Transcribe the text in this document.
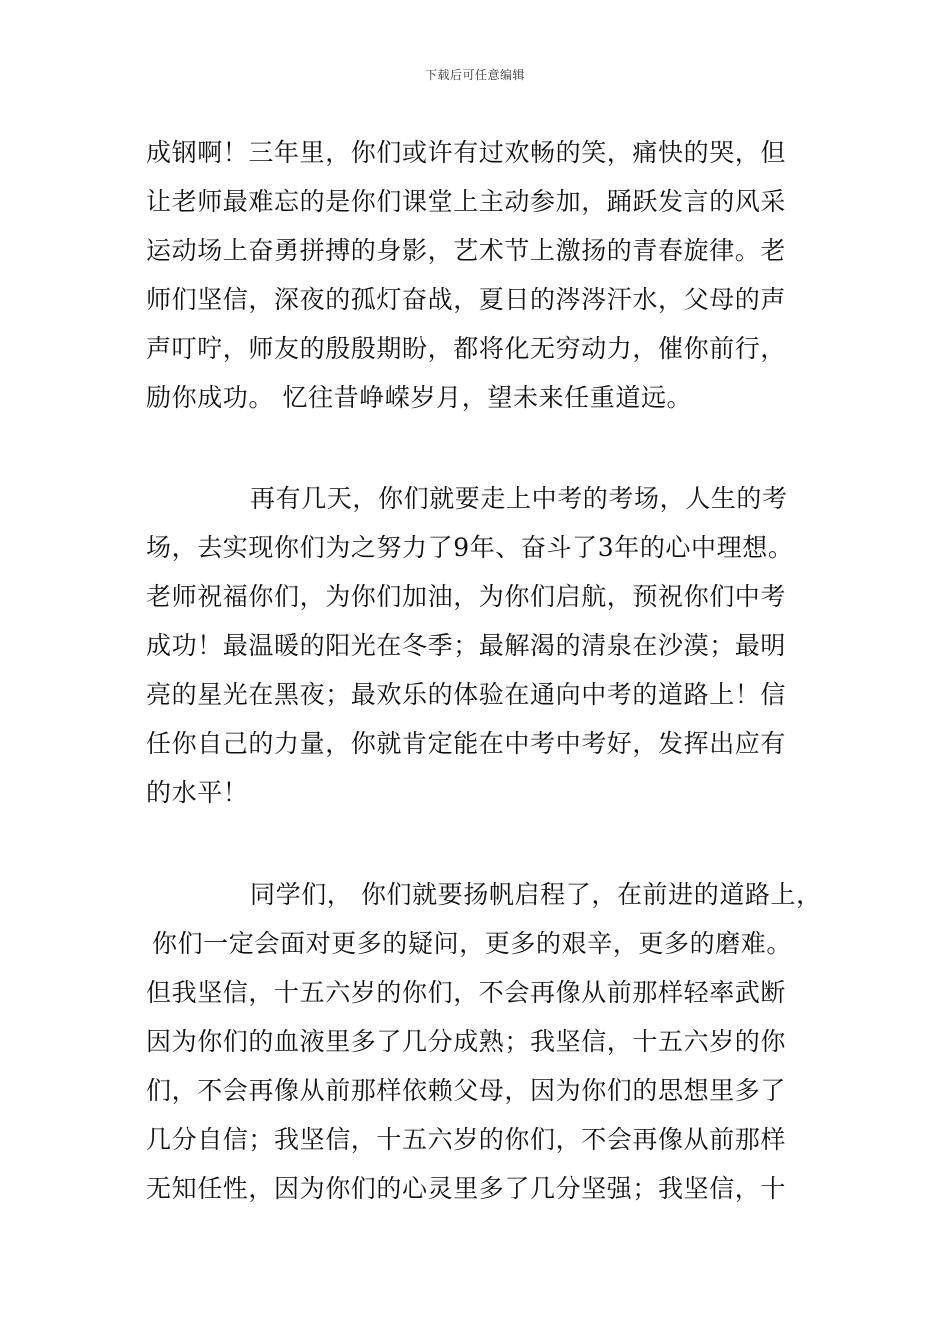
下载后可任意编辑
成钢啊！三年里，你们或许有过欢畅的笑，痛快的哭，但
让老师最难忘的是你们课堂上主动参加，踊跃发言的风采
运动场上奋勇拼搏的身影，艺术节上激扬的青春旋律。老
师们坚信，深夜的孤灯奋战，夏日的涔涔汗水，父母的声
声叮咛，师友的殷殷期盼，都将化无穷动力，催你前行，
励你成功。 忆往昔峥嵘岁月，望未来任重道远。
再有几天，你们就要走上中考的考场，人生的考
场，去实现你们为之努力了9年、奋斗了3年的心中理想。
老师祝福你们，为你们加油，为你们启航，预祝你们中考
成功！最温暖的阳光在冬季；最解渴的清泉在沙漠；最明
亮的星光在黑夜；最欢乐的体验在通向中考的道路上！信
任你自己的力量，你就肯定能在中考中考好，发挥出应有
的水平！
同学们， 你们就要扬帆启程了，在前进的道路上，
你们一定会面对更多的疑问，更多的艰辛，更多的磨难。
但我坚信，十五六岁的你们，不会再像从前那样轻率武断
因为你们的血液里多了几分成熟；我坚信，十五六岁的你
们，不会再像从前那样依赖父母，因为你们的思想里多了
几分自信；我坚信，十五六岁的你们，不会再像从前那样
无知任性，因为你们的心灵里多了几分坚强；我坚信，十
